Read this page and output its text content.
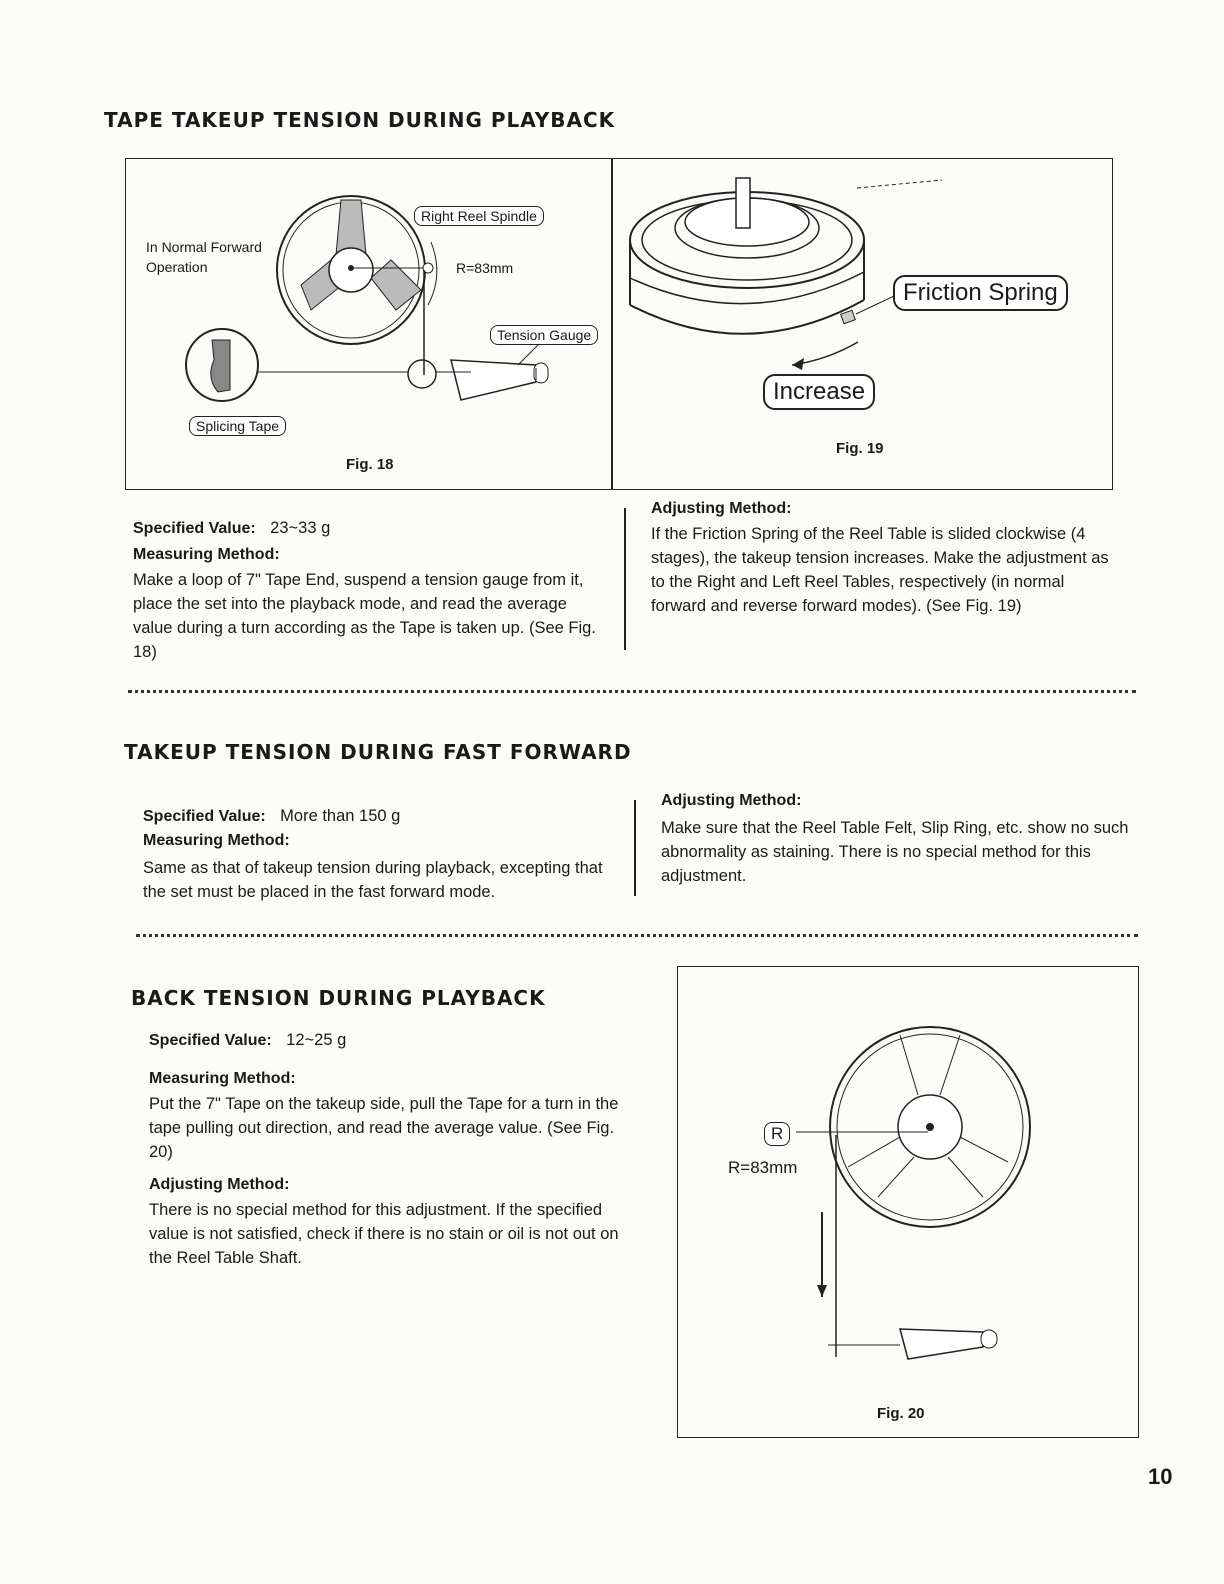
TAPE TAKEUP TENSION DURING PLAYBACK
In Normal Forward
Operation
Right Reel Spindle
R=83mm
Tension Gauge
Splicing Tape
Fig. 18
Friction Spring
Increase
Fig. 19
Specified Value: 23~33 g
Measuring Method:
Make a loop of 7" Tape End, suspend a tension gauge from it, place the set into the playback mode, and read the average value during a turn according as the Tape is taken up. (See Fig. 18)
Adjusting Method:
If the Friction Spring of the Reel Table is slided clockwise (4 stages), the takeup tension increases. Make the adjustment as to the Right and Left Reel Tables, respectively (in normal forward and reverse forward modes). (See Fig. 19)
TAKEUP TENSION DURING FAST FORWARD
Specified Value: More than 150 g
Measuring Method:
Same as that of takeup tension during playback, excepting that the set must be placed in the fast forward mode.
Adjusting Method:
Make sure that the Reel Table Felt, Slip Ring, etc. show no such abnormality as staining. There is no special method for this adjustment.
BACK TENSION DURING PLAYBACK
Specified Value: 12~25 g
Measuring Method:
Put the 7" Tape on the takeup side, pull the Tape for a turn in the tape pulling out direction, and read the average value. (See Fig. 20)
Adjusting Method:
There is no special method for this adjustment. If the specified value is not satisfied, check if there is no stain or oil is not out on the Reel Table Shaft.
R
R=83mm
Fig. 20
10
